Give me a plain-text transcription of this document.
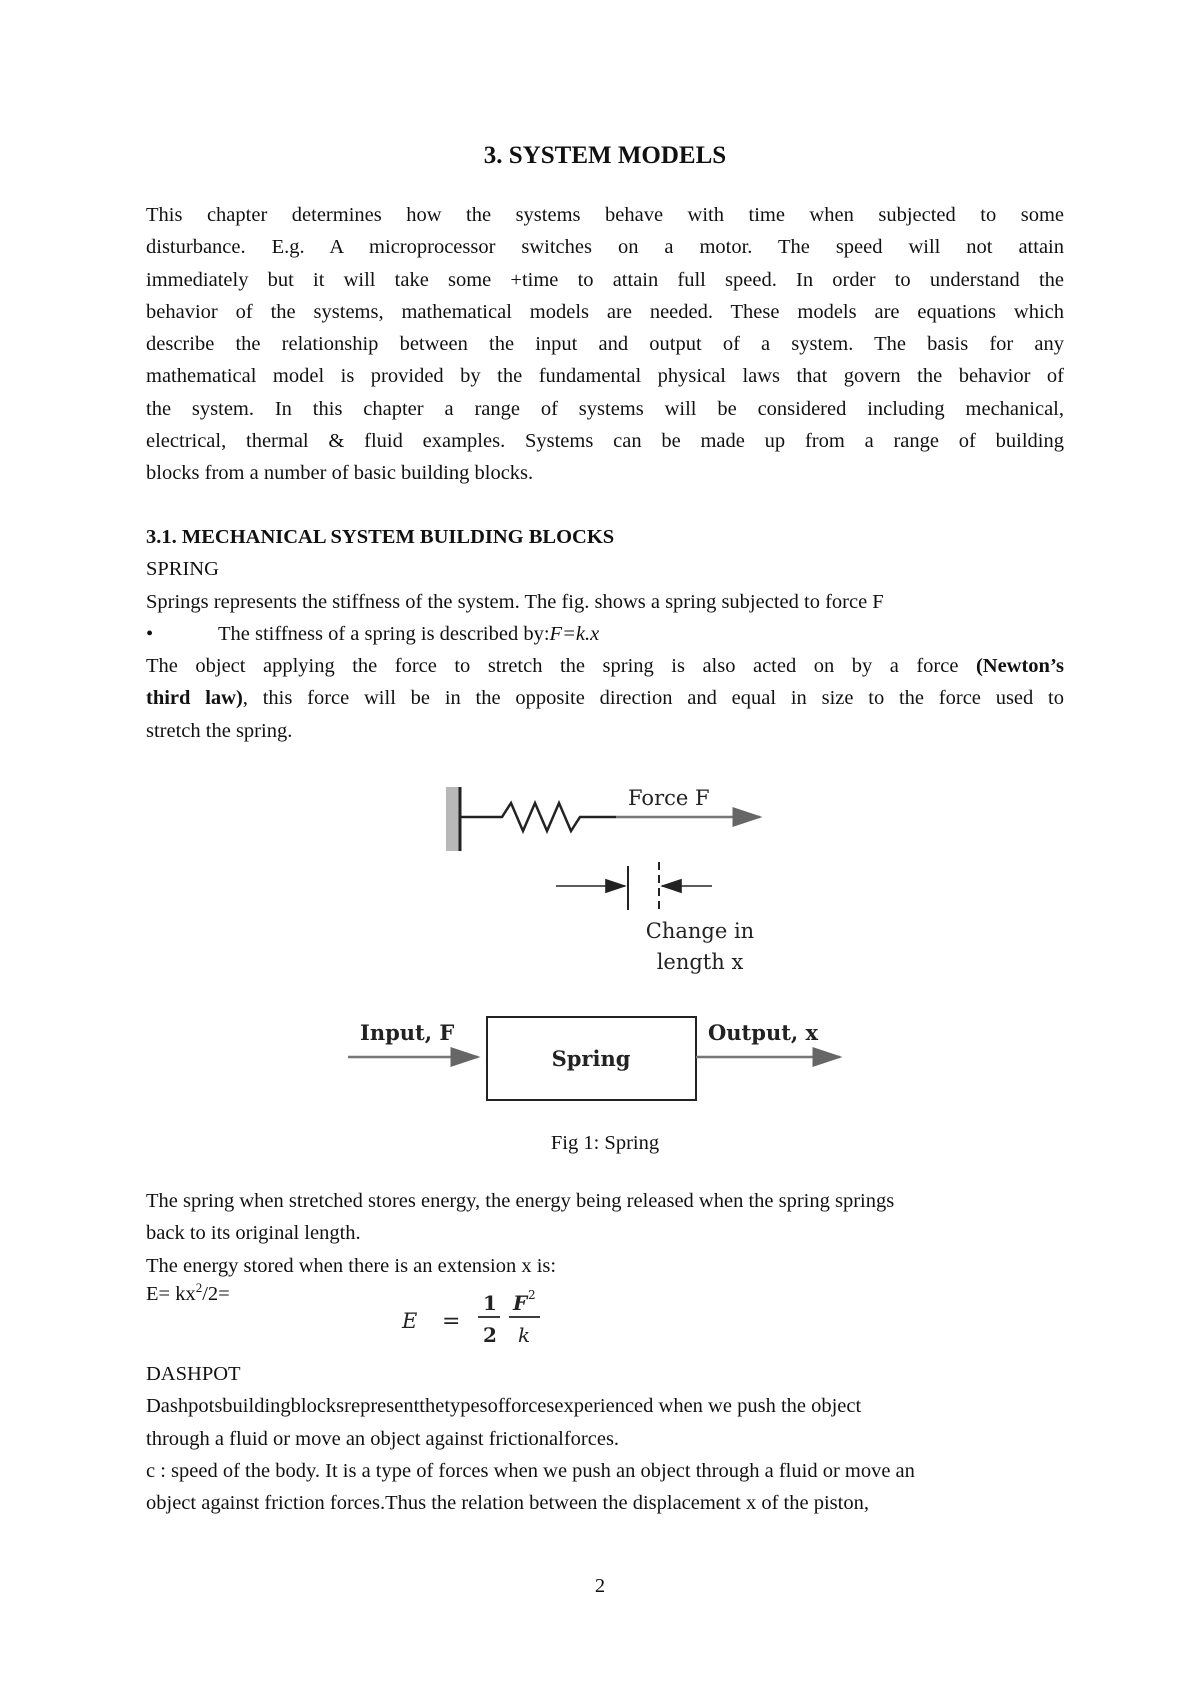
3. SYSTEM MODELS
This chapter determines how the systems behave with time when subjected to some
disturbance. E.g. A microprocessor switches on a motor. The speed will not attain
immediately but it will take some +time to attain full speed. In order to understand the
behavior of the systems, mathematical models are needed. These models are equations which
describe the relationship between the input and output of a system. The basis for any
mathematical model is provided by the fundamental physical laws that govern the behavior of
the system. In this chapter a range of systems will be considered including mechanical,
electrical, thermal & fluid examples. Systems can be made up from a range of building
blocks from a number of basic building blocks.
3.1. MECHANICAL SYSTEM BUILDING BLOCKS
SPRING
Springs represents the stiffness of the system. The fig. shows a spring subjected to force F
•	The stiffness of a spring is described by:F=k.x
The object applying the force to stretch the spring is also acted on by a force (Newton’s
third law), this force will be in the opposite direction and equal in size to the force used to
stretch the spring.
Force F
Change in
length x
Input, F
Spring
Output, x
Fig 1: Spring
The spring when stretched stores energy, the energy being released when the spring springs
back to its original length.
The energy stored when there is an extension x is:
$E= kx^2/2=$
E =
1
2
F 2
k
DASHPOT
Dashpotsbuildingblocksrepresentthetypesofforcesexperienced when we push the object
through a fluid or move an object against frictionalforces.
c : speed of the body. It is a type of forces when we push an object through a fluid or move an
object against friction forces.Thus the relation between the displacement x of the piston,
2
